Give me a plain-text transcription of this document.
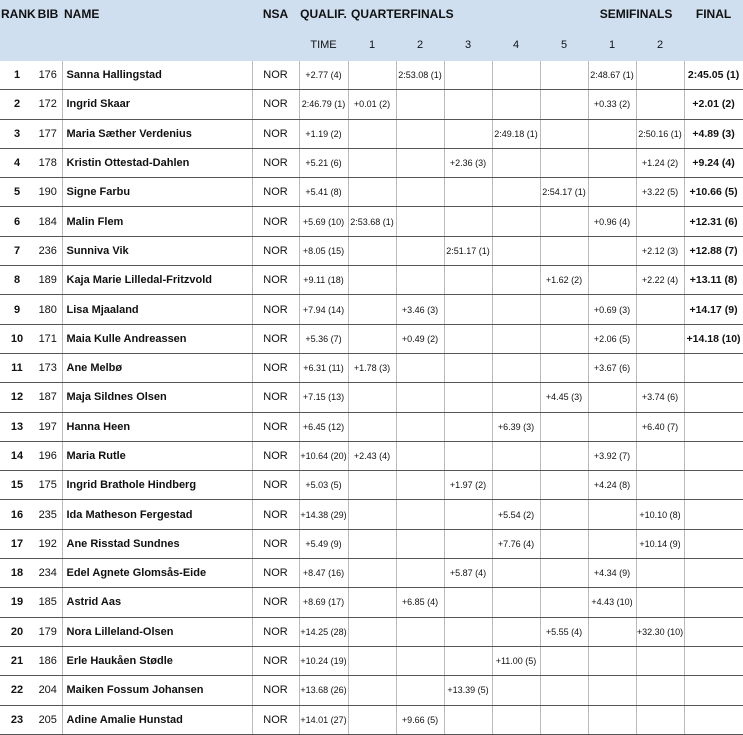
RANK	BIB	NAME	NSA	QUALIF.	QUARTERFINALS					SEMIFINALS		FINAL
				TIME	1	2	3	4	5	1	2	
1	176	Sanna Hallingstad	NOR	+2.77 (4)		2:53.08 (1)				2:48.67 (1)		2:45.05 (1)
2	172	Ingrid Skaar	NOR	2:46.79 (1)	+0.01 (2)					+0.33 (2)		+2.01 (2)
3	177	Maria Sæther Verdenius	NOR	+1.19 (2)				2:49.18 (1)			2:50.16 (1)	+4.89 (3)
4	178	Kristin Ottestad-Dahlen	NOR	+5.21 (6)			+2.36 (3)				+1.24 (2)	+9.24 (4)
5	190	Signe Farbu	NOR	+5.41 (8)					2:54.17 (1)		+3.22 (5)	+10.66 (5)
6	184	Malin Flem	NOR	+5.69 (10)	2:53.68 (1)					+0.96 (4)		+12.31 (6)
7	236	Sunniva Vik	NOR	+8.05 (15)			2:51.17 (1)				+2.12 (3)	+12.88 (7)
8	189	Kaja Marie Lilledal-Fritzvold	NOR	+9.11 (18)					+1.62 (2)		+2.22 (4)	+13.11 (8)
9	180	Lisa Mjaaland	NOR	+7.94 (14)		+3.46 (3)				+0.69 (3)		+14.17 (9)
10	171	Maia Kulle Andreassen	NOR	+5.36 (7)		+0.49 (2)				+2.06 (5)		+14.18 (10)
11	173	Ane Melbø	NOR	+6.31 (11)	+1.78 (3)					+3.67 (6)		
12	187	Maja Sildnes Olsen	NOR	+7.15 (13)					+4.45 (3)		+3.74 (6)	
13	197	Hanna Heen	NOR	+6.45 (12)				+6.39 (3)			+6.40 (7)	
14	196	Maria Rutle	NOR	+10.64 (20)	+2.43 (4)					+3.92 (7)		
15	175	Ingrid Brathole Hindberg	NOR	+5.03 (5)			+1.97 (2)			+4.24 (8)		
16	235	Ida Matheson Fergestad	NOR	+14.38 (29)				+5.54 (2)			+10.10 (8)	
17	192	Ane Risstad Sundnes	NOR	+5.49 (9)				+7.76 (4)			+10.14 (9)	
18	234	Edel Agnete Glomsås-Eide	NOR	+8.47 (16)			+5.87 (4)			+4.34 (9)		
19	185	Astrid Aas	NOR	+8.69 (17)		+6.85 (4)				+4.43 (10)		
20	179	Nora Lilleland-Olsen	NOR	+14.25 (28)					+5.55 (4)		+32.30 (10)	
21	186	Erle Haukåen Stødle	NOR	+10.24 (19)				+11.00 (5)				
22	204	Maiken Fossum Johansen	NOR	+13.68 (26)			+13.39 (5)					
23	205	Adine Amalie Hunstad	NOR	+14.01 (27)		+9.66 (5)						
